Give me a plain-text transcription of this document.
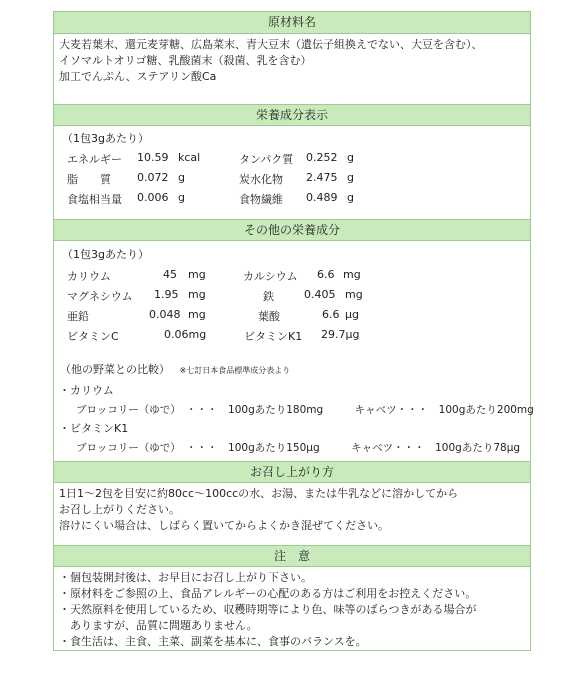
原材料名
大麦若葉末、還元麦芽糖、広島菜末、青大豆末（遺伝子組換えでない、大豆を含む）、
イソマルトオリゴ糖、乳酸菌末（殺菌、乳を含む）
加工でんぷん、ステアリン酸Ca
栄養成分表示
（1包3gあたり）
エネルギー 10.59 kcal	タンパク質 0.252 g
脂　　質 0.072 g	炭水化物 2.475 g
食塩相当量 0.006 g	食物繊維 0.489 g
その他の栄養成分
（1包3gあたり）
カリウム	45 mg	カルシウム 6.6 mg
マグネシウム 1.95 mg	鉄	0.405 mg
亜鉛	0.048 mg	葉酸	6.6 μg
ビタミンC	0.06mg	ビタミンK1 29.7μg
（他の野菜との比較） ※七訂日本食品標準成分表より
・カリウム
ブロッコリー（ゆで）　・・・　100gあたり180mg　　　キャベツ・・・　100gあたり200mg
・ビタミンK1
ブロッコリー（ゆで）　・・・　100gあたり150μg　　　キャベツ・・・　100gあたり78μg
お召し上がり方
1日1～2包を目安に約80cc～100ccの水、お湯、または牛乳などに溶かしてから
お召し上がりください。
溶けにくい場合は、しばらく置いてからよくかき混ぜてください。
注　意
・個包装開封後は、お早目にお召し上がり下さい。
・原材料をご参照の上、食品アレルギーの心配のある方はご利用をお控えください。
・天然原料を使用しているため、収穫時期等により色、味等のばらつきがある場合が
　ありますが、品質に問題ありません。
・食生活は、主食、主菜、副菜を基本に、食事のバランスを。
